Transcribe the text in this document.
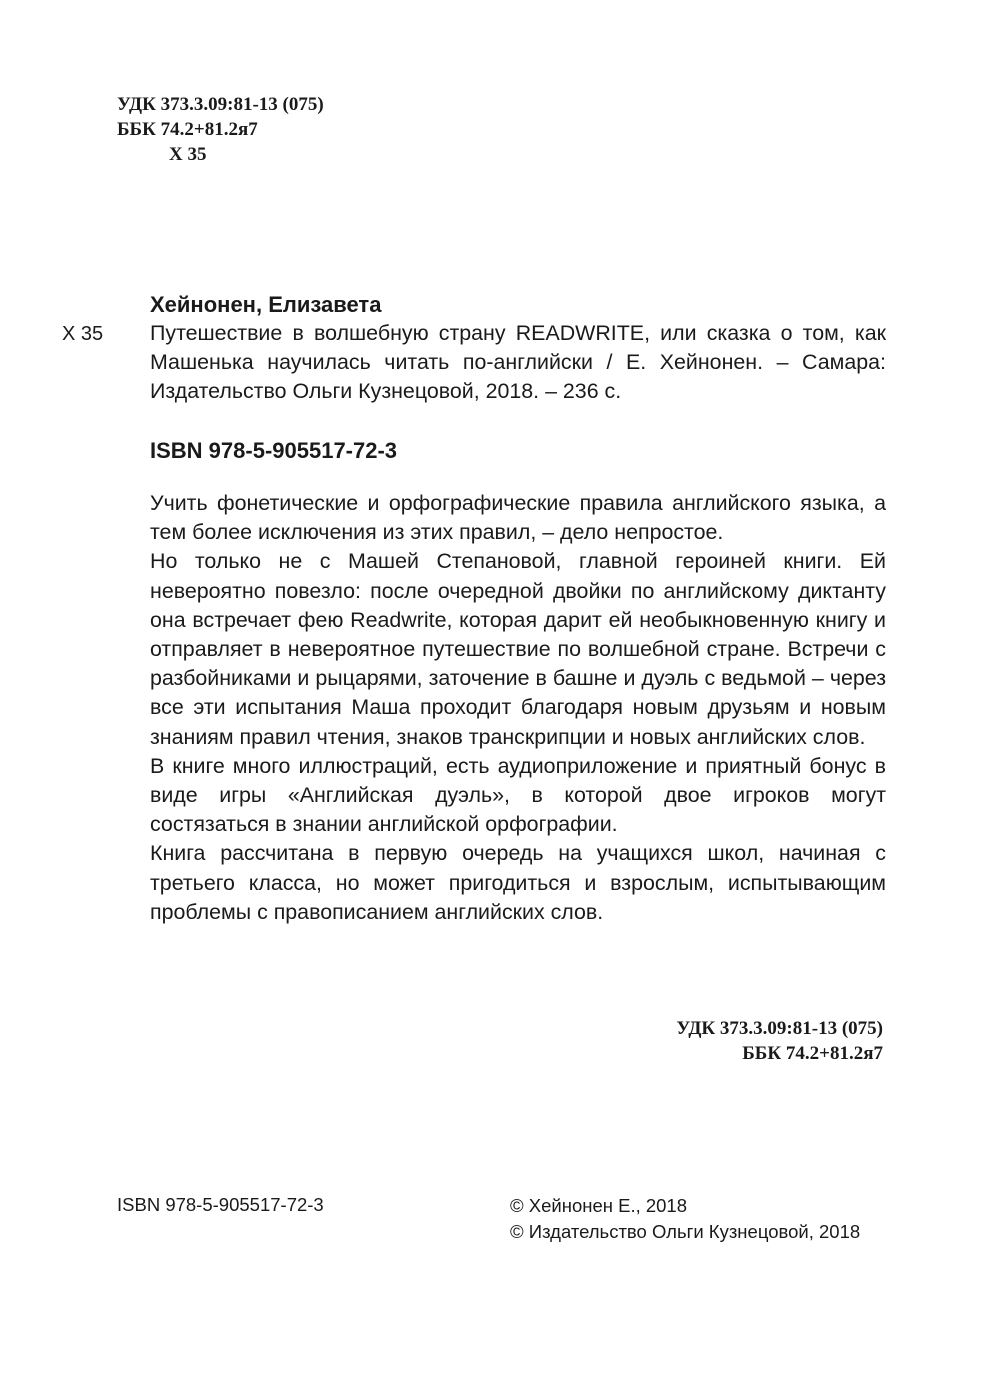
УДК 373.3.09:81-13 (075)
ББК 74.2+81.2я7
Х 35
Хейнонен, Елизавета
Х 35 Путешествие в волшебную страну READWRITE, или сказка о том, как Машенька научилась читать по-английски / Е. Хейнонен. – Самара: Издательство Ольги Кузнецовой, 2018. – 236 с.
ISBN 978-5-905517-72-3

Учить фонетические и орфографические правила английского языка, а тем более исключения из этих правил, – дело непростое.

Но только не с Машей Степановой, главной героиней книги. Ей невероятно повезло: после очередной двойки по английскому диктанту она встречает фею Readwrite, которая дарит ей необыкновенную книгу и отправляет в невероятное путешествие по волшебной стране. Встречи с разбойниками и рыцарями, заточение в башне и дуэль с ведьмой – через все эти испытания Маша проходит благодаря новым друзьям и новым знаниям правил чтения, знаков транскрипции и новых английских слов.

В книге много иллюстраций, есть аудиоприложение и приятный бонус в виде игры «Английская дуэль», в которой двое игроков могут состязаться в знании английской орфографии.

Книга рассчитана в первую очередь на учащихся школ, начиная с третьего класса, но может пригодиться и взрослым, испытывающим проблемы с правописанием английских слов.

УДК 373.3.09:81-13 (075)
ББК 74.2+81.2я7
ISBN 978-5-905517-72-3	© Хейнонен Е., 2018
© Издательство Ольги Кузнецовой, 2018
